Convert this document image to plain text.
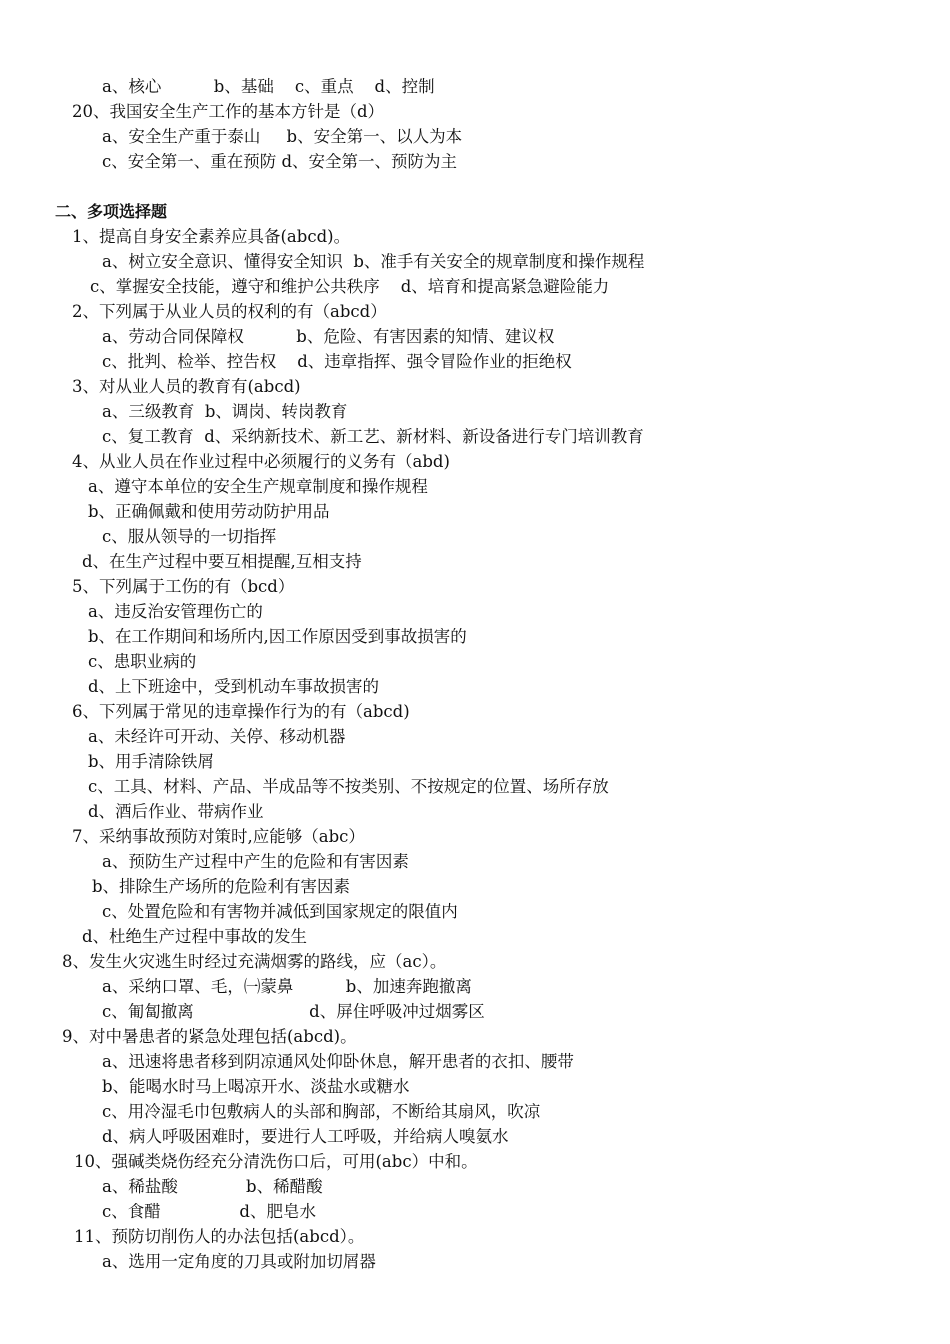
a、核心          b、基础    c、重点    d、控制
20、我国安全生产工作的基本方针是（d）
a、安全生产重于泰山     b、安全第一、以人为本
c、安全第一、重在预防 d、安全第一、预防为主
二、多项选择题
1、提高自身安全素养应具备(abcd)。
a、树立安全意识、懂得安全知识  b、准手有关安全的规章制度和操作规程
c、掌握安全技能，遵守和维护公共秩序    d、培育和提高紧急避险能力
2、下列属于从业人员的权利的有（abcd）
a、劳动合同保障权          b、危险、有害因素的知情、建议权
c、批判、检举、控告权    d、违章指挥、强令冒险作业的拒绝权
3、对从业人员的教育有(abcd)
a、三级教育  b、调岗、转岗教育
c、复工教育  d、采纳新技术、新工艺、新材料、新设备进行专门培训教育
4、从业人员在作业过程中必须履行的义务有（abd)
a、遵守本单位的安全生产规章制度和操作规程
b、正确佩戴和使用劳动防护用品
c、服从领导的一切指挥
d、在生产过程中要互相提醒,互相支持
5、下列属于工伤的有（bcd）
a、违反治安管理伤亡的
b、在工作期间和场所内,因工作原因受到事故损害的
c、患职业病的
d、上下班途中，受到机动车事故损害的
6、下列属于常见的违章操作行为的有（abcd)
a、未经许可开动、关停、移动机器
b、用手清除铁屑
c、工具、材料、产品、半成品等不按类别、不按规定的位置、场所存放
d、酒后作业、带病作业
7、采纳事故预防对策时,应能够（abc）
a、预防生产过程中产生的危险和有害因素
b、排除生产场所的危险利有害因素
c、处置危险和有害物并减低到国家规定的限值内
d、杜绝生产过程中事故的发生
8、发生火灾逃生时经过充满烟雾的路线，应（ac）。
a、采纳口罩、毛，㈠蒙鼻          b、加速奔跑撤离
c、匍匐撤离                      d、屏住呼吸冲过烟雾区
9、对中暑患者的紧急处理包括(abcd)。
a、迅速将患者移到阴凉通风处仰卧休息，解开患者的衣扣、腰带
b、能喝水时马上喝凉开水、淡盐水或糖水
c、用冷湿毛巾包敷病人的头部和胸部，不断给其扇风，吹凉
d、病人呼吸困难时，要进行人工呼吸，并给病人嗅氨水
10、强碱类烧伤经充分清洗伤口后，可用(abc）中和。
a、稀盐酸             b、稀醋酸
c、食醋               d、肥皂水
11、预防切削伤人的办法包括(abcd）。
a、选用一定角度的刀具或附加切屑器
